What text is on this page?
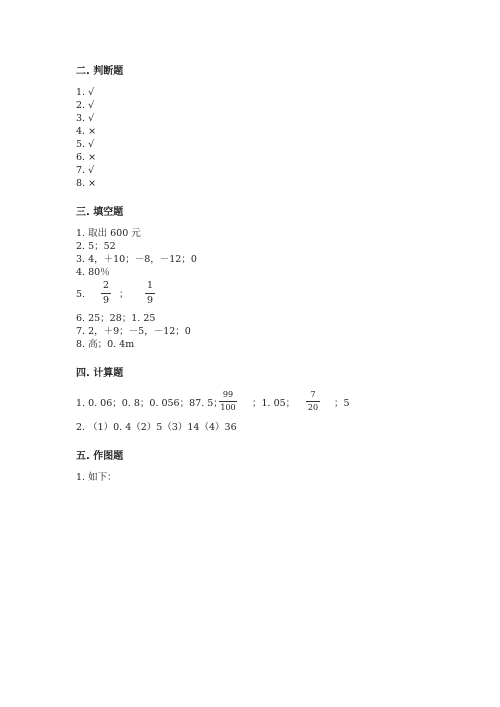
二. 判断题
1. √
2. √
3. √
4. ×
5. √
6. ×
7. √
8. ×
三. 填空题
1. 取出 600 元
2. 5；52
3. 4，＋10；－8，－12；0
4. 80％
5.
2
9
；
1
9
6. 25；28；1. 25
7. 2，＋9；－5，－12；0
8. 高；0. 4m
四. 计算题
1. 0. 06；0. 8；0. 056；87. 5；
99
100 ；1. 05；
7
20 ；5
2. （1）0. 4（2）5（3）14（4）36
五. 作图题
1. 如下：
